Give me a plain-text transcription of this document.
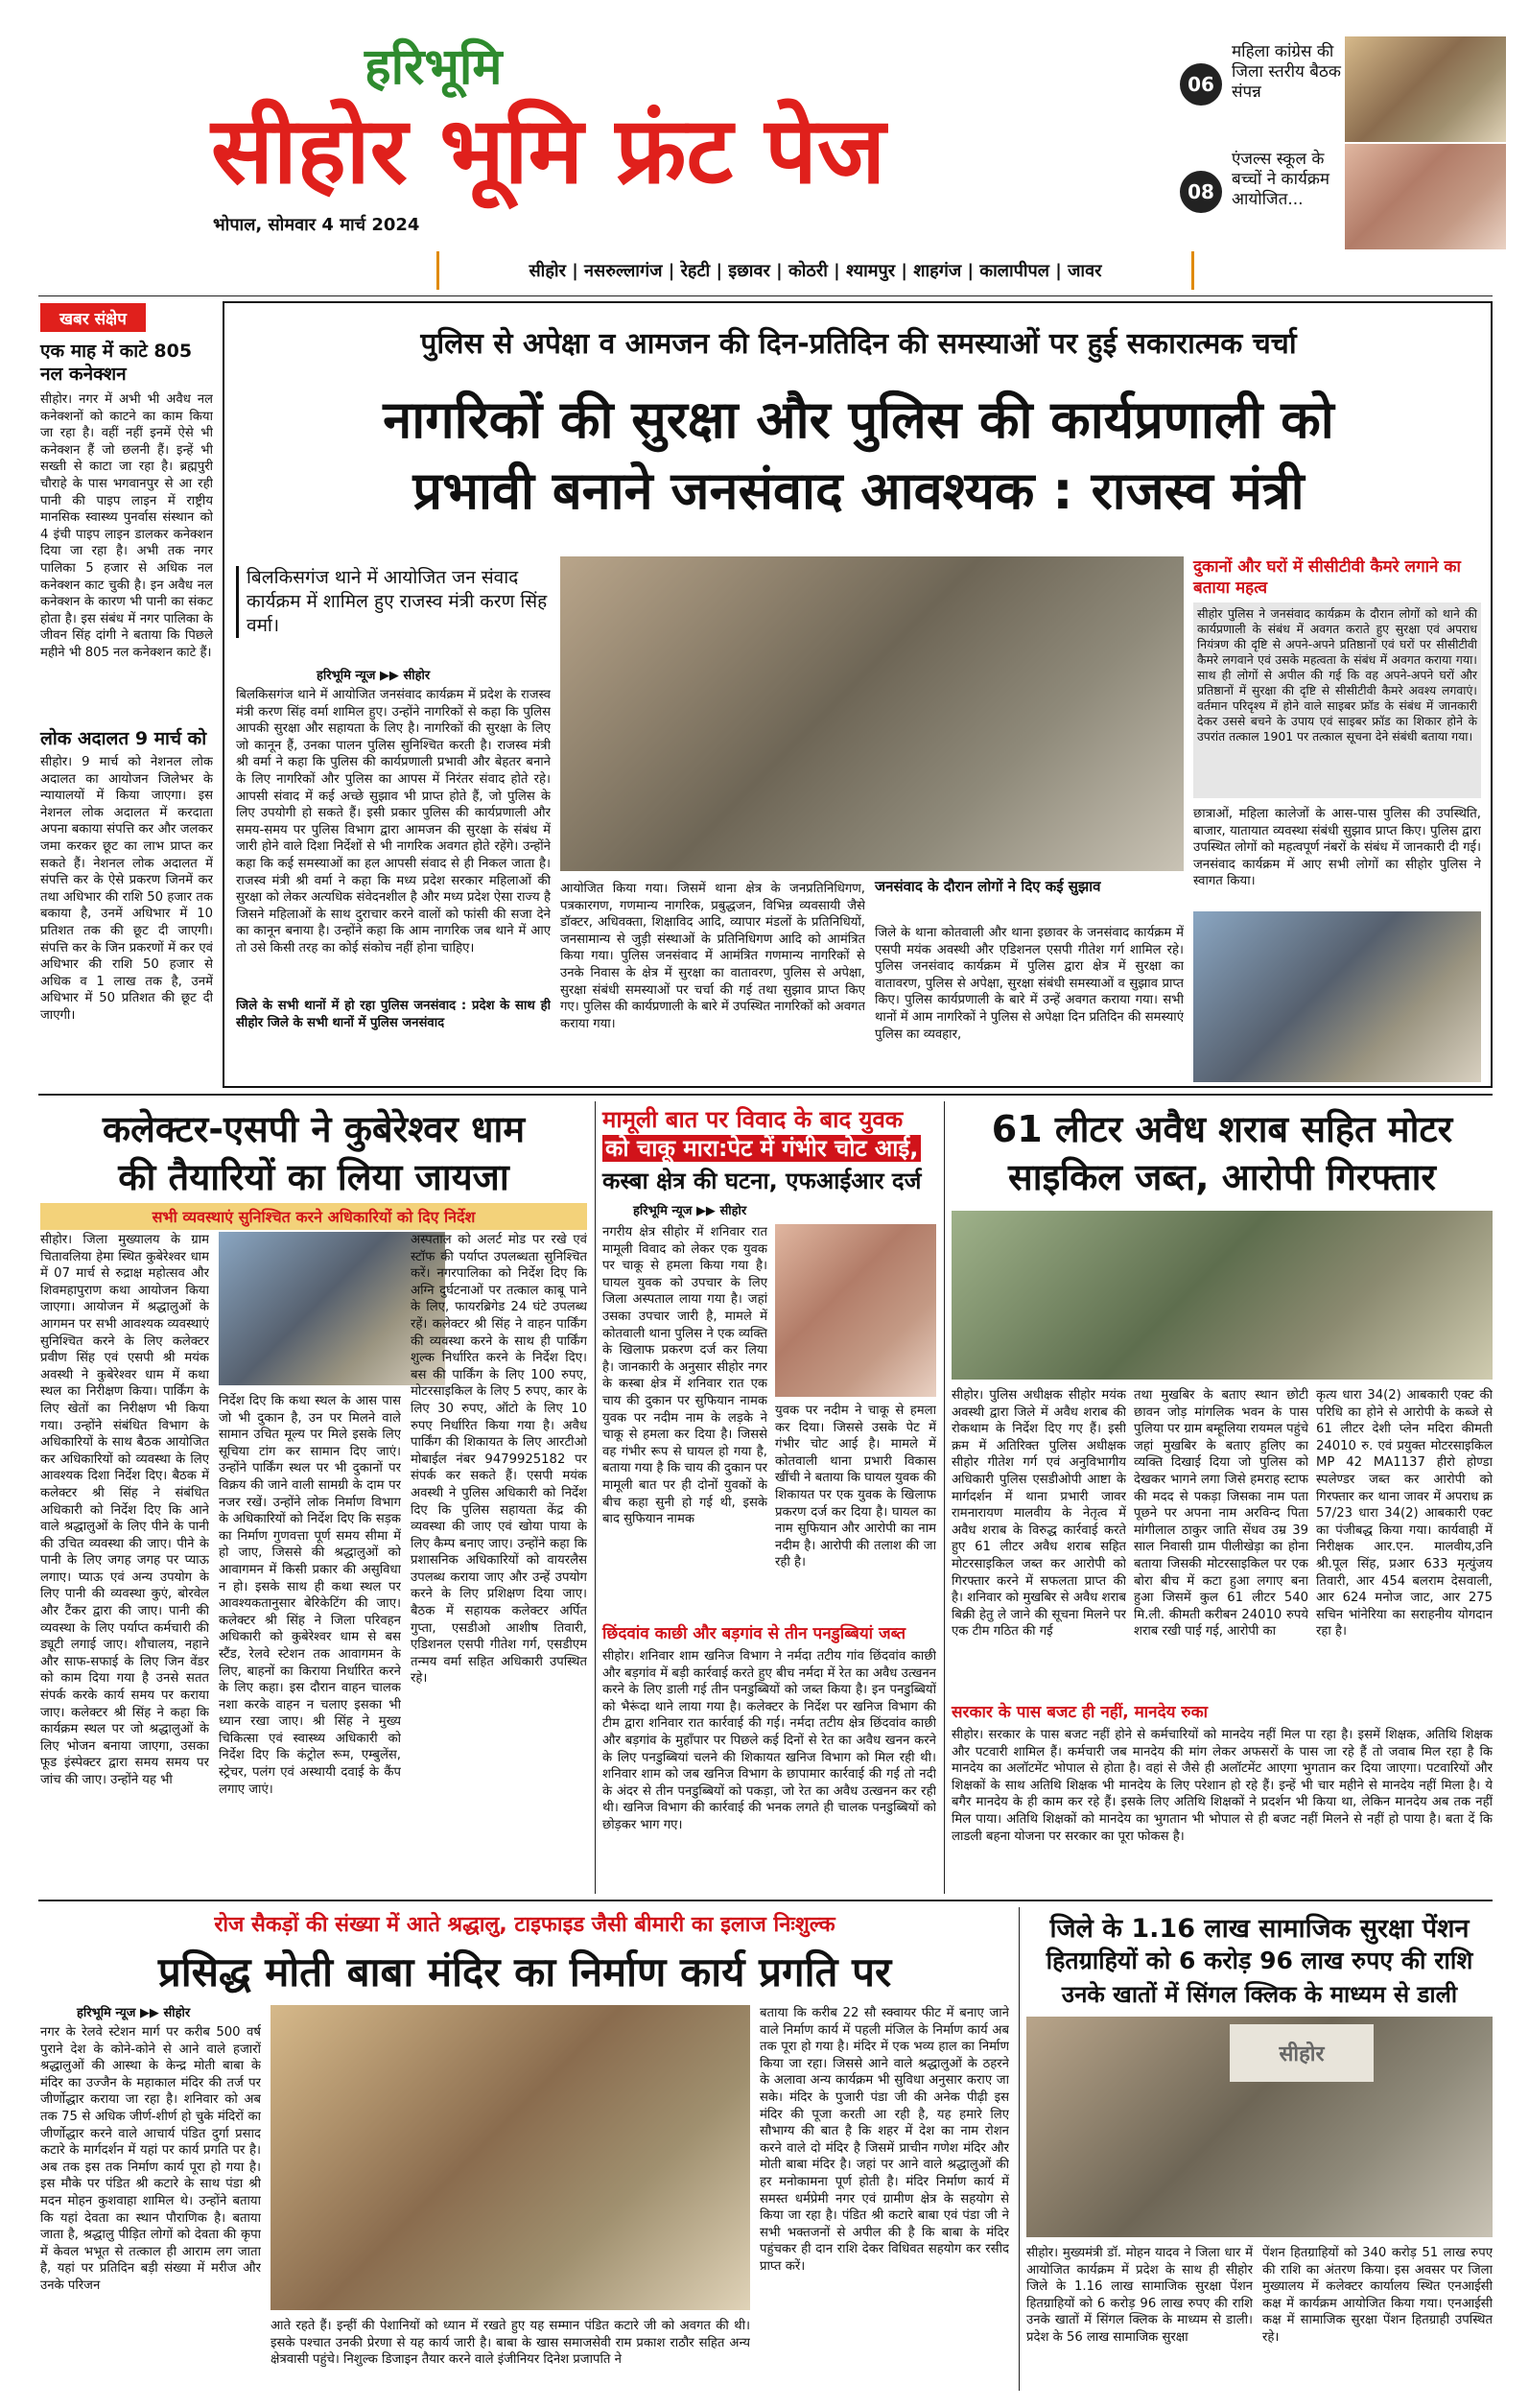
हरिभूमि
सीहोर भूमि फ्रंट पेज
भोपाल, सोमवार 4 मार्च 2024
सीहोर | नसरुल्लागंज | रेहटी | इछावर | कोठरी | श्यामपुर | शाहगंज | कालापीपल | जावर
06
महिला कांग्रेस की जिला स्तरीय बैठक संपन्न
08
एंजल्स स्कूल के बच्चों ने कार्यक्रम आयोजित...
खबर संक्षेप
एक माह में काटे 805 नल कनेक्शन
सीहोर। नगर में अभी भी अवैध नल कनेक्शनों को काटने का काम किया जा रहा है। वहीं नहीं इनमें ऐसे भी कनेक्शन हैं जो छलनी हैं। इन्हें भी सख्ती से काटा जा रहा है। ब्रह्मपुरी चौराहे के पास भगवानपुर से आ रही पानी की पाइप लाइन में राष्ट्रीय मानसिक स्वास्थ्य पुनर्वास संस्थान को 4 इंची पाइप लाइन डालकर कनेक्शन दिया जा रहा है। अभी तक नगर पालिका 5 हजार से अधिक नल कनेक्शन काट चुकी है। इन अवैध नल कनेक्शन के कारण भी पानी का संकट होता है। इस संबंध में नगर पालिका के जीवन सिंह दांगी ने बताया कि पिछले महीने भी 805 नल कनेक्शन काटे हैं।
लोक अदालत 9 मार्च को
सीहोर। 9 मार्च को नेशनल लोक अदालत का आयोजन जिलेभर के न्यायालयों में किया जाएगा। इस नेशनल लोक अदालत में करदाता अपना बकाया संपत्ति कर और जलकर जमा करकर छूट का लाभ प्राप्त कर सकते हैं। नेशनल लोक अदालत में संपत्ति कर के ऐसे प्रकरण जिनमें कर तथा अधिभार की राशि 50 हजार तक बकाया है, उनमें अधिभार में 10 प्रतिशत तक की छूट दी जाएगी। संपत्ति कर के जिन प्रकरणों में कर एवं अधिभार की राशि 50 हजार से अधिक व 1 लाख तक है, उनमें अधिभार में 50 प्रतिशत की छूट दी जाएगी।
पुलिस से अपेक्षा व आमजन की दिन-प्रतिदिन की समस्याओं पर हुई सकारात्मक चर्चा
नागरिकों की सुरक्षा और पुलिस की कार्यप्रणाली को
प्रभावी बनाने जनसंवाद आवश्यक : राजस्व मंत्री
बिलकिसगंज थाने में आयोजित जन संवाद कार्यक्रम में शामिल हुए राजस्व मंत्री करण सिंह वर्मा।
हरिभूमि न्यूज ▶▶ सीहोर
बिलकिसगंज थाने में आयोजित जनसंवाद कार्यक्रम में प्रदेश के राजस्व मंत्री करण सिंह वर्मा शामिल हुए। उन्होंने नागरिकों से कहा कि पुलिस आपकी सुरक्षा और सहायता के लिए है। नागरिकों की सुरक्षा के लिए जो कानून हैं, उनका पालन पुलिस सुनिश्चित करती है। राजस्व मंत्री श्री वर्मा ने कहा कि पुलिस की कार्यप्रणाली प्रभावी और बेहतर बनाने के लिए नागरिकों और पुलिस का आपस में निरंतर संवाद होते रहे। आपसी संवाद में कई अच्छे सुझाव भी प्राप्त होते हैं, जो पुलिस के लिए उपयोगी हो सकते हैं। इसी प्रकार पुलिस की कार्यप्रणाली और समय-समय पर पुलिस विभाग द्वारा आमजन की सुरक्षा के संबंध में जारी होने वाले दिशा निर्देशों से भी नागरिक अवगत होते रहेंगे। उन्होंने कहा कि कई समस्याओं का हल आपसी संवाद से ही निकल जाता है। राजस्व मंत्री श्री वर्मा ने कहा कि मध्य प्रदेश सरकार महिलाओं की सुरक्षा को लेकर अत्यधिक संवेदनशील है और मध्य प्रदेश ऐसा राज्य है जिसने महिलाओं के साथ दुराचार करने वालों को फांसी की सजा देने का कानून बनाया है। उन्होंने कहा कि आम नागरिक जब थाने में आए तो उसे किसी तरह का कोई संकोच नहीं होना चाहिए।
जिले के सभी थानों में हो रहा पुलिस जनसंवाद : प्रदेश के साथ ही सीहोर जिले के सभी थानों में पुलिस जनसंवाद
आयोजित किया गया। जिसमें थाना क्षेत्र के जनप्रतिनिधिगण, पत्रकारगण, गणमान्य नागरिक, प्रबुद्धजन, विभिन्न व्यवसायी जैसे डॉक्टर, अधिवक्ता, शिक्षाविद आदि, व्यापार मंडलों के प्रतिनिधियों, जनसामान्य से जुड़ी संस्थाओं के प्रतिनिधिगण आदि को आमंत्रित किया गया। पुलिस जनसंवाद में आमंत्रित गणमान्य नागरिकों से उनके निवास के क्षेत्र में सुरक्षा का वातावरण, पुलिस से अपेक्षा, सुरक्षा संबंधी समस्याओं पर चर्चा की गई तथा सुझाव प्राप्त किए गए। पुलिस की कार्यप्रणाली के बारे में उपस्थित नागरिकों को अवगत कराया गया।
जनसंवाद के दौरान लोगों ने दिए कई सुझाव
जिले के थाना कोतवाली और थाना इछावर के जनसंवाद कार्यक्रम में एसपी मयंक अवस्थी और एडिशनल एसपी गीतेश गर्ग शामिल रहे। पुलिस जनसंवाद कार्यक्रम में पुलिस द्वारा क्षेत्र में सुरक्षा का वातावरण, पुलिस से अपेक्षा, सुरक्षा संबंधी समस्याओं व सुझाव प्राप्त किए। पुलिस कार्यप्रणाली के बारे में उन्हें अवगत कराया गया। सभी थानों में आम नागरिकों ने पुलिस से अपेक्षा दिन प्रतिदिन की समस्याएं पुलिस का व्यवहार,
दुकानों और घरों में सीसीटीवी कैमरे लगाने का बताया महत्व
सीहोर पुलिस ने जनसंवाद कार्यक्रम के दौरान लोगों को थाने की कार्यप्रणाली के संबंध में अवगत कराते हुए सुरक्षा एवं अपराध नियंत्रण की दृष्टि से अपने-अपने प्रतिष्ठानों एवं घरों पर सीसीटीवी कैमरे लगवाने एवं उसके महत्वता के संबंध में अवगत कराया गया। साथ ही लोगों से अपील की गई कि वह अपने-अपने घरों और प्रतिष्ठानों में सुरक्षा की दृष्टि से सीसीटीवी कैमरे अवश्य लगवाएं। वर्तमान परिदृश्य में होने वाले साइबर फ्रॉड के संबंध में जानकारी देकर उससे बचने के उपाय एवं साइबर फ्रॉड का शिकार होने के उपरांत तत्काल 1901 पर तत्काल सूचना देने संबंधी बताया गया।
छात्राओं, महिला कालेजों के आस-पास पुलिस की उपस्थिति, बाजार, यातायात व्यवस्था संबंधी सुझाव प्राप्त किए। पुलिस द्वारा उपस्थित लोगों को महत्वपूर्ण नंबरों के संबंध में जानकारी दी गई। जनसंवाद कार्यक्रम में आए सभी लोगों का सीहोर पुलिस ने स्वागत किया।
कलेक्टर-एसपी ने कुबेरेश्वर धाम
की तैयारियों का लिया जायजा
सभी व्यवस्थाएं सुनिश्चित करने अधिकारियों को दिए निर्देश
सीहोर। जिला मुख्यालय के ग्राम चितावलिया हेमा स्थित कुबेरेश्वर धाम में 07 मार्च से रुद्राक्ष महोत्सव और शिवमहापुराण कथा आयोजन किया जाएगा। आयोजन में श्रद्धालुओं के आगमन पर सभी आवश्यक व्यवस्थाएं सुनिश्चित करने के लिए कलेक्टर प्रवीण सिंह एवं एसपी श्री मयंक अवस्थी ने कुबेरेश्वर धाम में कथा स्थल का निरीक्षण किया। पार्किंग के लिए खेतों का निरीक्षण भी किया गया। उन्होंने संबंधित विभाग के अधिकारियों के साथ बैठक आयोजित कर अधिकारियों को व्यवस्था के लिए आवश्यक दिशा निर्देश दिए। बैठक में कलेक्टर श्री सिंह ने संबंधित अधिकारी को निर्देश दिए कि आने वाले श्रद्धालुओं के लिए पीने के पानी की उचित व्यवस्था की जाए। पीने के पानी के लिए जगह जगह पर प्याऊ लगाए। प्याऊ एवं अन्य उपयोग के लिए पानी की व्यवस्था कुएं, बोरवेल और टैंकर द्वारा की जाए। पानी की व्यवस्था के लिए पर्याप्त कर्मचारी की ड्यूटी लगाई जाए। शौचालय, नहाने और साफ-सफाई के लिए जिन वेंडर को काम दिया गया है उनसे सतत संपर्क करके कार्य समय पर कराया जाए। कलेक्टर श्री सिंह ने कहा कि कार्यक्रम स्थल पर जो श्रद्धालुओं के लिए भोजन बनाया जाएगा, उसका फूड इंस्पेक्टर द्वारा समय समय पर जांच की जाए। उन्होंने यह भी
निर्देश दिए कि कथा स्थल के आस पास जो भी दुकान है, उन पर मिलने वाले सामान उचित मूल्य पर मिले इसके लिए सूचिया टांग कर सामान दिए जाएं। उन्होंने पार्किंग स्थल पर भी दुकानों पर विक्रय की जाने वाली सामग्री के दाम पर नजर रखें। उन्होंने लोक निर्माण विभाग के अधिकारियों को निर्देश दिए कि सड़क का निर्माण गुणवत्ता पूर्ण समय सीमा में हो जाए, जिससे की श्रद्धालुओं को आवागमन में किसी प्रकार की असुविधा न हो। इसके साथ ही कथा स्थल पर आवश्यकतानुसार बेरिकेटिंग की जाए। कलेक्टर श्री सिंह ने जिला परिवहन अधिकारी को कुबेरेश्वर धाम से बस स्टैंड, रेलवे स्टेशन तक आवागमन के लिए, बाहनों का किराया निर्धारित करने के लिए कहा। इस दौरान वाहन चालक नशा करके वाहन न चलाए इसका भी ध्यान रखा जाए। श्री सिंह ने मुख्य चिकित्सा एवं स्वास्थ्य अधिकारी को निर्देश दिए कि कंट्रोल रूम, एम्बुलेंस, स्ट्रेचर, पलंग एवं अस्थायी दवाई के कैंप लगाए जाएं।
अस्पताल को अलर्ट मोड पर रखे एवं स्टॉफ की पर्याप्त उपलब्धता सुनिश्चित करें। नगरपालिका को निर्देश दिए कि अग्नि दुर्घटनाओं पर तत्काल काबू पाने के लिए, फायरब्रिगेड 24 घंटे उपलब्ध रहें। कलेक्टर श्री सिंह ने वाहन पार्किंग की व्यवस्था करने के साथ ही पार्किंग शुल्क निर्धारित करने के निर्देश दिए। बस की पार्किंग के लिए 100 रुपए, मोटरसाइकिल के लिए 5 रुपए, कार के लिए 30 रुपए, ऑटो के लिए 10 रुपए निर्धारित किया गया है। अवैध पार्किंग की शिकायत के लिए आरटीओ मोबाईल नंबर 9479925182 पर संपर्क कर सकते हैं। एसपी मयंक अवस्थी ने पुलिस अधिकारी को निर्देश दिए कि पुलिस सहायता केंद्र की व्यवस्था की जाए एवं खोया पाया के लिए कैम्प बनाए जाए। उन्होंने कहा कि प्रशासनिक अधिकारियों को वायरलैस उपलब्ध कराया जाए और उन्हें उपयोग करने के लिए प्रशिक्षण दिया जाए। बैठक में सहायक कलेक्टर अर्पित गुप्ता, एसडीओ आशीष तिवारी, एडिशनल एसपी गीतेश गर्ग, एसडीएम तन्मय वर्मा सहित अधिकारी उपस्थित रहे।
मामूली बात पर विवाद के बाद युवक
को चाकू मारा:पेट में गंभीर चोट आई,
कस्बा क्षेत्र की घटना, एफआईआर दर्ज
हरिभूमि न्यूज ▶▶ सीहोर
नगरीय क्षेत्र सीहोर में शनिवार रात मामूली विवाद को लेकर एक युवक पर चाकू से हमला किया गया है। घायल युवक को उपचार के लिए जिला अस्पताल लाया गया है। जहां उसका उपचार जारी है, मामले में कोतवाली थाना पुलिस ने एक व्यक्ति के खिलाफ प्रकरण दर्ज कर लिया है। जानकारी के अनुसार सीहोर नगर के कस्बा क्षेत्र में शनिवार रात एक चाय की दुकान पर सुफियान नामक युवक पर नदीम नाम के लड़के ने चाकू से हमला कर दिया है। जिससे वह गंभीर रूप से घायल हो गया है, बताया गया है कि चाय की दुकान पर मामूली बात पर ही दोनों युवकों के बीच कहा सुनी हो गई थी, इसके बाद सुफियान नामक
युवक पर नदीम ने चाकू से हमला कर दिया। जिससे उसके पेट में गंभीर चोट आई है। मामले में कोतवाली थाना प्रभारी विकास खींची ने बताया कि घायल युवक की शिकायत पर एक युवक के खिलाफ प्रकरण दर्ज कर दिया है। घायल का नाम सुफियान और आरोपी का नाम नदीम है। आरोपी की तलाश की जा रही है।
छिंदवांव काछी और बड़गांव से तीन पनडुब्बियां जब्त
सीहोर। शनिवार शाम खनिज विभाग ने नर्मदा तटीय गांव छिंदवांव काछी और बड़गांव में बड़ी कार्रवाई करते हुए बीच नर्मदा में रेत का अवैध उत्खनन करने के लिए डाली गई तीन पनडुब्बियों को जब्त किया है। इन पनडुब्बियों को भैरूंदा थाने लाया गया है। कलेक्टर के निर्देश पर खनिज विभाग की टीम द्वारा शनिवार रात कार्रवाई की गई। नर्मदा तटीय क्षेत्र छिंदवांव काछी और बड़गांव के मुहाँपार पर पिछले कई दिनों से रेत का अवैध खनन करने के लिए पनडुब्बियां चलने की शिकायत खनिज विभाग को मिल रही थी। शनिवार शाम को जब खनिज विभाग के छापामार कार्रवाई की गई तो नदी के अंदर से तीन पनडुब्बियों को पकड़ा, जो रेत का अवैध उत्खनन कर रही थी। खनिज विभाग की कार्रवाई की भनक लगते ही चालक पनडुब्बियों को छोड़कर भाग गए।
61 लीटर अवैध शराब सहित मोटर
साइकिल जब्त, आरोपी गिरफ्तार
सीहोर। पुलिस अधीक्षक सीहोर मयंक अवस्थी द्वारा जिले में अवैध शराब की रोकथाम के निर्देश दिए गए हैं। इसी क्रम में अतिरिक्त पुलिस अधीक्षक सीहोर गीतेश गर्ग एवं अनुविभागीय अधिकारी पुलिस एसडीओपी आष्टा के मार्गदर्शन में थाना प्रभारी जावर रामनारायण मालवीय के नेतृत्व में अवैध शराब के विरुद्ध कार्रवाई करते हुए 61 लीटर अवैध शराब सहित मोटरसाइकिल जब्त कर आरोपी को गिरफ्तार करने में सफलता प्राप्त की है। शनिवार को मुखबिर से अवैध शराब बिक्री हेतु ले जाने की सूचना मिलने पर एक टीम गठित की गई
तथा मुखबिर के बताए स्थान छोटी छावन जोड़ मांगलिक भवन के पास पुलिया पर ग्राम बम्हूलिया रायमल पहुंचे जहां मुखबिर के बताए हुलिए का व्यक्ति दिखाई दिया जो पुलिस को देखकर भागने लगा जिसे हमराह स्टाफ की मदद से पकड़ा जिसका नाम पता पूछने पर अपना नाम अरविन्द पिता मांगीलाल ठाकुर जाति सेंधव उम्र 39 साल निवासी ग्राम पीलीखेड़ा का होना बताया जिसकी मोटरसाइकिल पर एक बोरा बीच में कटा हुआ लगाए बना हुआ जिसमें कुल 61 लीटर 540 मि.ली. कीमती करीबन 24010 रुपये शराब रखी पाई गई, आरोपी का
कृत्य धारा 34(2) आबकारी एक्ट की परिधि का होने से आरोपी के कब्जे से 61 लीटर देशी प्लेन मदिरा कीमती 24010 रु. एवं प्रयुक्त मोटरसाइकिल MP 42 MA1137 हीरो होण्डा स्पलेण्डर जब्त कर आरोपी को गिरफ्तार कर थाना जावर में अपराध क्र 57/23 धारा 34(2) आबकारी एक्ट का पंजीबद्ध किया गया। कार्यवाही में निरीक्षक आर.एन. मालवीय,उनि श्री.पूल सिंह, प्रआर 633 मृत्युंजय तिवारी, आर 454 बलराम देसवाली, आर 624 मनोज जाट, आर 275 सचिन भांनेरिया का सराहनीय योगदान रहा है।
सरकार के पास बजट ही नहीं, मानदेय रुका
सीहोर। सरकार के पास बजट नहीं होने से कर्मचारियों को मानदेय नहीं मिल पा रहा है। इसमें शिक्षक, अतिथि शिक्षक और पटवारी शामिल हैं। कर्मचारी जब मानदेय की मांग लेकर अफसरों के पास जा रहे हैं तो जवाब मिल रहा है कि मानदेय का अलॉटमेंट भोपाल से होता है। वहां से जैसे ही अलॉटमेंट आएगा भुगतान कर दिया जाएगा। पटवारियों और शिक्षकों के साथ अतिथि शिक्षक भी मानदेय के लिए परेशान हो रहे हैं। इन्हें भी चार महीने से मानदेय नहीं मिला है। ये बगैर मानदेय के ही काम कर रहे हैं। इसके लिए अतिथि शिक्षकों ने प्रदर्शन भी किया था, लेकिन मानदेय अब तक नहीं मिल पाया। अतिथि शिक्षकों को मानदेय का भुगतान भी भोपाल से ही बजट नहीं मिलने से नहीं हो पाया है। बता दें कि लाडली बहना योजना पर सरकार का पूरा फोकस है।
रोज सैकड़ों की संख्या में आते श्रद्धालु, टाइफाइड जैसी बीमारी का इलाज निःशुल्क
प्रसिद्ध मोती बाबा मंदिर का निर्माण कार्य प्रगति पर
हरिभूमि न्यूज ▶▶ सीहोर
नगर के रेलवे स्टेशन मार्ग पर करीब 500 वर्ष पुराने देश के कोने-कोने से आने वाले हजारों श्रद्धालुओं की आस्था के केन्द्र मोती बाबा के मंदिर का उज्जैन के महाकाल मंदिर की तर्ज पर जीर्णोद्धार कराया जा रहा है। शनिवार को अब तक 75 से अधिक जीर्ण-शीर्ण हो चुके मंदिरों का जीर्णोद्धार करने वाले आचार्य पंडित दुर्गा प्रसाद कटारे के मार्गदर्शन में यहां पर कार्य प्रगति पर है। अब तक इस तक निर्माण कार्य पूरा हो गया है। इस मौके पर पंडित श्री कटारे के साथ पंडा श्री मदन मोहन कुशवाहा शामिल थे। उन्होंने बताया कि यहां देवता का स्थान पौराणिक है। बताया जाता है, श्रद्धालु पीड़ित लोगों को देवता की कृपा में केवल भभूत से तत्काल ही आराम लग जाता है, यहां पर प्रतिदिन बड़ी संख्या में मरीज और उनके परिजन
आते रहते हैं। इन्हीं की पेशानियों को ध्यान में रखते हुए यह सम्मान पंडित कटारे जी को अवगत की थी। इसके पश्चात उनकी प्रेरणा से यह कार्य जारी है। बाबा के खास समाजसेवी राम प्रकाश राठौर सहित अन्य क्षेत्रवासी पहुंचे। निशुल्क डिजाइन तैयार करने वाले इंजीनियर दिनेश प्रजापति ने
बताया कि करीब 22 सौ स्क्वायर फीट में बनाए जाने वाले निर्माण कार्य में पहली मंजिल के निर्माण कार्य अब तक पूरा हो गया है। मंदिर में एक भव्य हाल का निर्माण किया जा रहा। जिससे आने वाले श्रद्धालुओं के ठहरने के अलावा अन्य कार्यक्रम भी सुविधा अनुसार कराए जा सके। मंदिर के पुजारी पंडा जी की अनेक पीढ़ी इस मंदिर की पूजा करती आ रही है, यह हमारे लिए सौभाग्य की बात है कि शहर में देश का नाम रोशन करने वाले दो मंदिर है जिसमें प्राचीन गणेश मंदिर और मोती बाबा मंदिर है। जहां पर आने वाले श्रद्धालुओं की हर मनोकामना पूर्ण होती है। मंदिर निर्माण कार्य में समस्त धर्मप्रेमी नगर एवं ग्रामीण क्षेत्र के सहयोग से किया जा रहा है। पंडित श्री कटारे बाबा एवं पंडा जी ने सभी भक्तजनों से अपील की है कि बाबा के मंदिर पहुंचकर ही दान राशि देकर विधिवत सहयोग कर रसीद प्राप्त करें।
जिले के 1.16 लाख सामाजिक सुरक्षा पेंशन
हितग्राहियों को 6 करोड़ 96 लाख रुपए की राशि
उनके खातों में सिंगल क्लिक के माध्यम से डाली
सीहोर
सीहोर। मुख्यमंत्री डॉ. मोहन यादव ने जिला धार में आयोजित कार्यक्रम में प्रदेश के साथ ही सीहोर जिले के 1.16 लाख सामाजिक सुरक्षा पेंशन हितग्राहियों को 6 करोड़ 96 लाख रुपए की राशि उनके खातों में सिंगल क्लिक के माध्यम से डाली। प्रदेश के 56 लाख सामाजिक सुरक्षा
पेंशन हितग्राहियों को 340 करोड़ 51 लाख रुपए की राशि का अंतरण किया। इस अवसर पर जिला मुख्यालय में कलेक्टर कार्यालय स्थित एनआईसी कक्ष में कार्यक्रम आयोजित किया गया। एनआईसी कक्ष में सामाजिक सुरक्षा पेंशन हितग्राही उपस्थित रहे।
